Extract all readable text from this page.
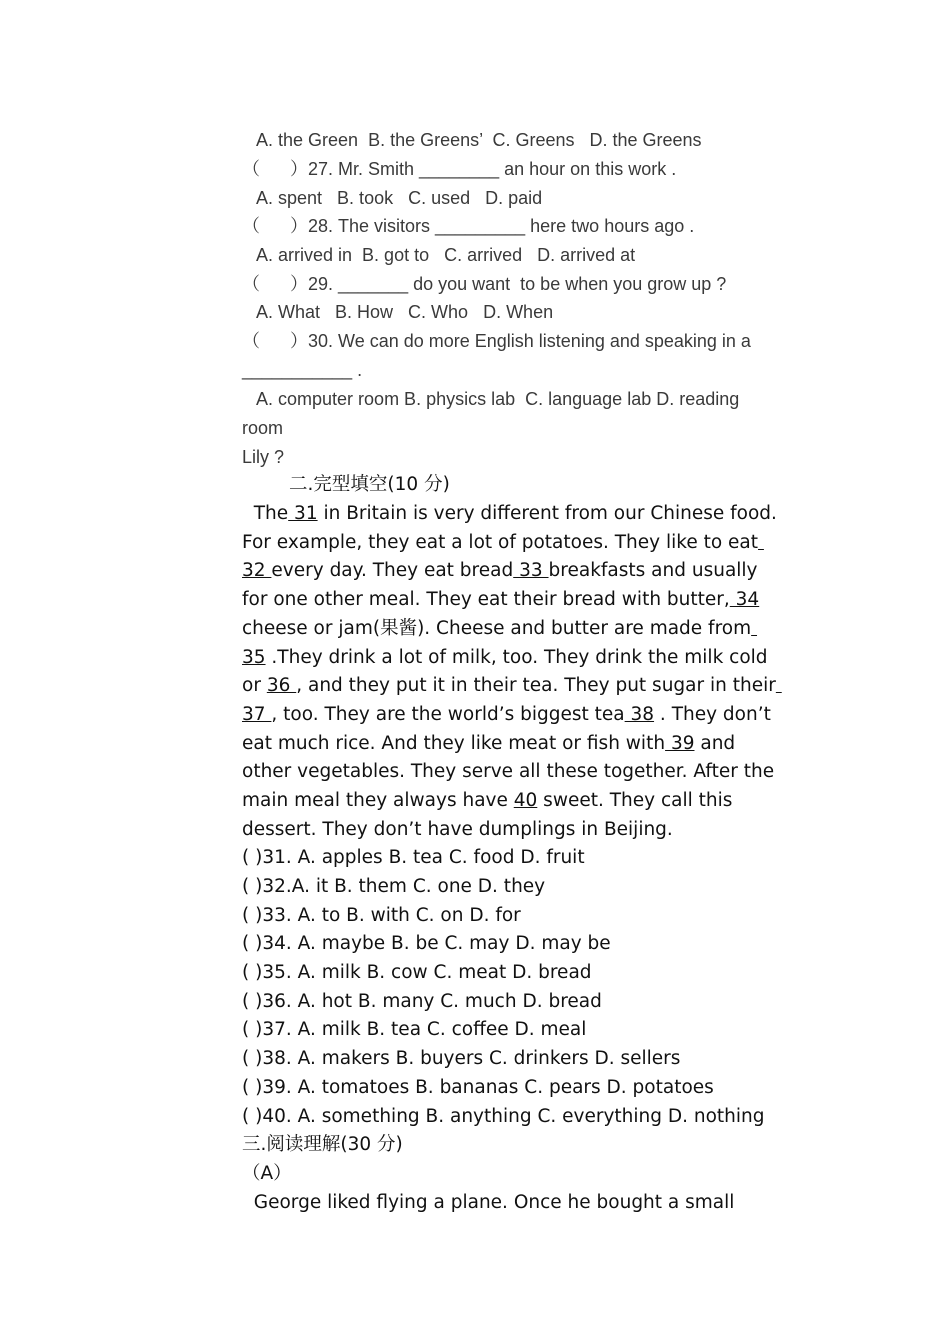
A. the Green  B. the Greens’  C. Greens   D. the Greens
（      ）27. Mr. Smith ________ an hour on this work .
A. spent   B. took   C. used   D. paid
（      ）28. The visitors _________ here two hours ago .
A. arrived in  B. got to   C. arrived   D. arrived at
（      ）29. _______ do you want  to be when you grow up ?
A. What   B. How   C. Who   D. When
（      ）30. We can do more English listening and speaking in a
___________ .
A. computer room B. physics lab  C. language lab D. reading
room
Lily ?
二.完型填空(10 分)
The 31 in Britain is very different from our Chinese food.
For example, they eat a lot of potatoes. They like to eat
32 every day. They eat bread 33 breakfasts and usually
for one other meal. They eat their bread with butter, 34
cheese or jam(果酱). Cheese and butter are made from
35 .They drink a lot of milk, too. They drink the milk cold
or 36 , and they put it in their tea. They put sugar in their
37 , too. They are the world’s biggest tea 38 . They don’t
eat much rice. And they like meat or fish with 39 and
other vegetables. They serve all these together. After the
main meal they always have 40 sweet. They call this
dessert. They don’t have dumplings in Beijing.
( )31. A. apples B. tea C. food D. fruit
( )32.A. it B. them C. one D. they
( )33. A. to B. with C. on D. for
( )34. A. maybe B. be C. may D. may be
( )35. A. milk B. cow C. meat D. bread
( )36. A. hot B. many C. much D. bread
( )37. A. milk B. tea C. coffee D. meal
( )38. A. makers B. buyers C. drinkers D. sellers
( )39. A. tomatoes B. bananas C. pears D. potatoes
( )40. A. something B. anything C. everything D. nothing
三.阅读理解(30 分)
（A）
George liked flying a plane. Once he bought a small
